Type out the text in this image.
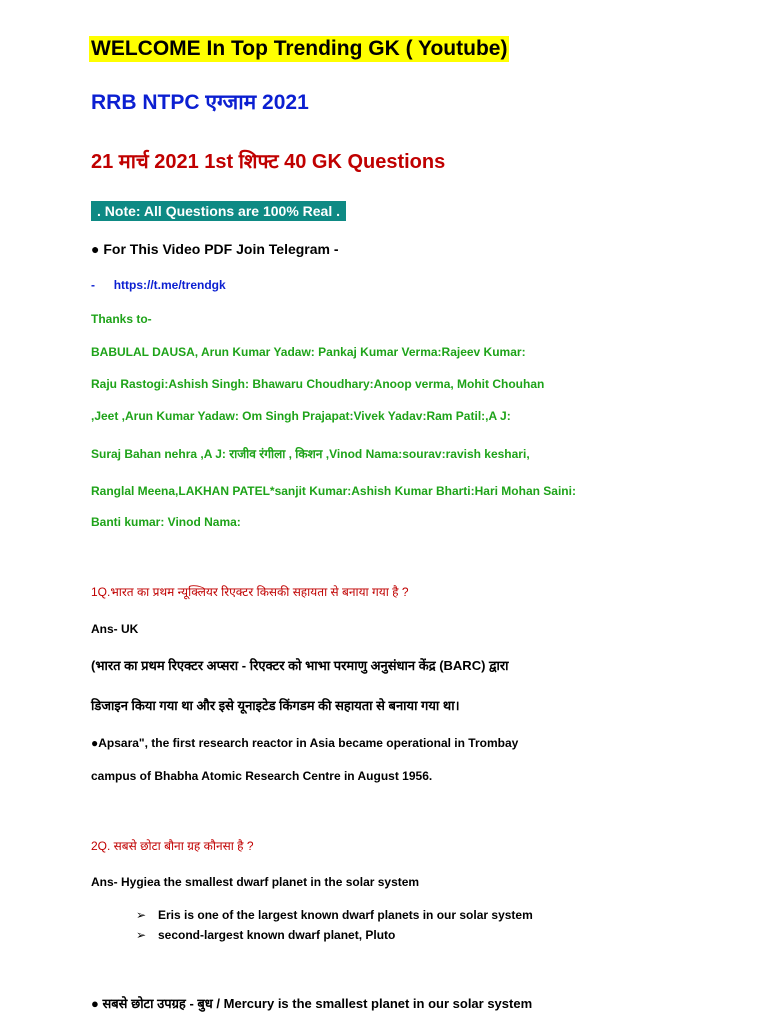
WELCOME In Top Trending GK ( Youtube)
RRB NTPC एग्जाम 2021
21 मार्च 2021 1st शिफ्ट 40 GK Questions
. Note: All Questions are 100% Real .
● For This Video PDF Join Telegram -
- https://t.me/trendgk
Thanks to-
BABULAL DAUSA, Arun Kumar Yadaw: Pankaj Kumar Verma:Rajeev Kumar:
Raju Rastogi:Ashish Singh: Bhawaru Choudhary:Anoop verma, Mohit Chouhan
,Jeet ,Arun Kumar Yadaw: Om Singh Prajapat:Vivek Yadav:Ram Patil:,A J:
Suraj Bahan nehra ,A J: राजीव रंगीला , किशन ,Vinod Nama:sourav:ravish keshari,
Ranglal Meena,LAKHAN PATEL*sanjit Kumar:Ashish Kumar Bharti:Hari Mohan Saini:
Banti kumar: Vinod Nama:
1Q.भारत का प्रथम न्यूक्लियर रिएक्टर किसकी सहायता से बनाया गया है ?
Ans- UK
(भारत का प्रथम रिएक्टर अप्सरा - रिएक्टर को भाभा परमाणु अनुसंधान केंद्र (BARC) द्वारा
डिजाइन किया गया था और इसे यूनाइटेड किंगडम की सहायता से बनाया गया था।
●Apsara", the first research reactor in Asia became operational in Trombay
campus of Bhabha Atomic Research Centre in August 1956.
2Q. सबसे छोटा बौना ग्रह कौनसा है ?
Ans- Hygiea the smallest dwarf planet in the solar system
➢ Eris is one of the largest known dwarf planets in our solar system
➢ second-largest known dwarf planet, Pluto
● सबसे छोटा उपग्रह - बुध / Mercury is the smallest planet in our solar system
